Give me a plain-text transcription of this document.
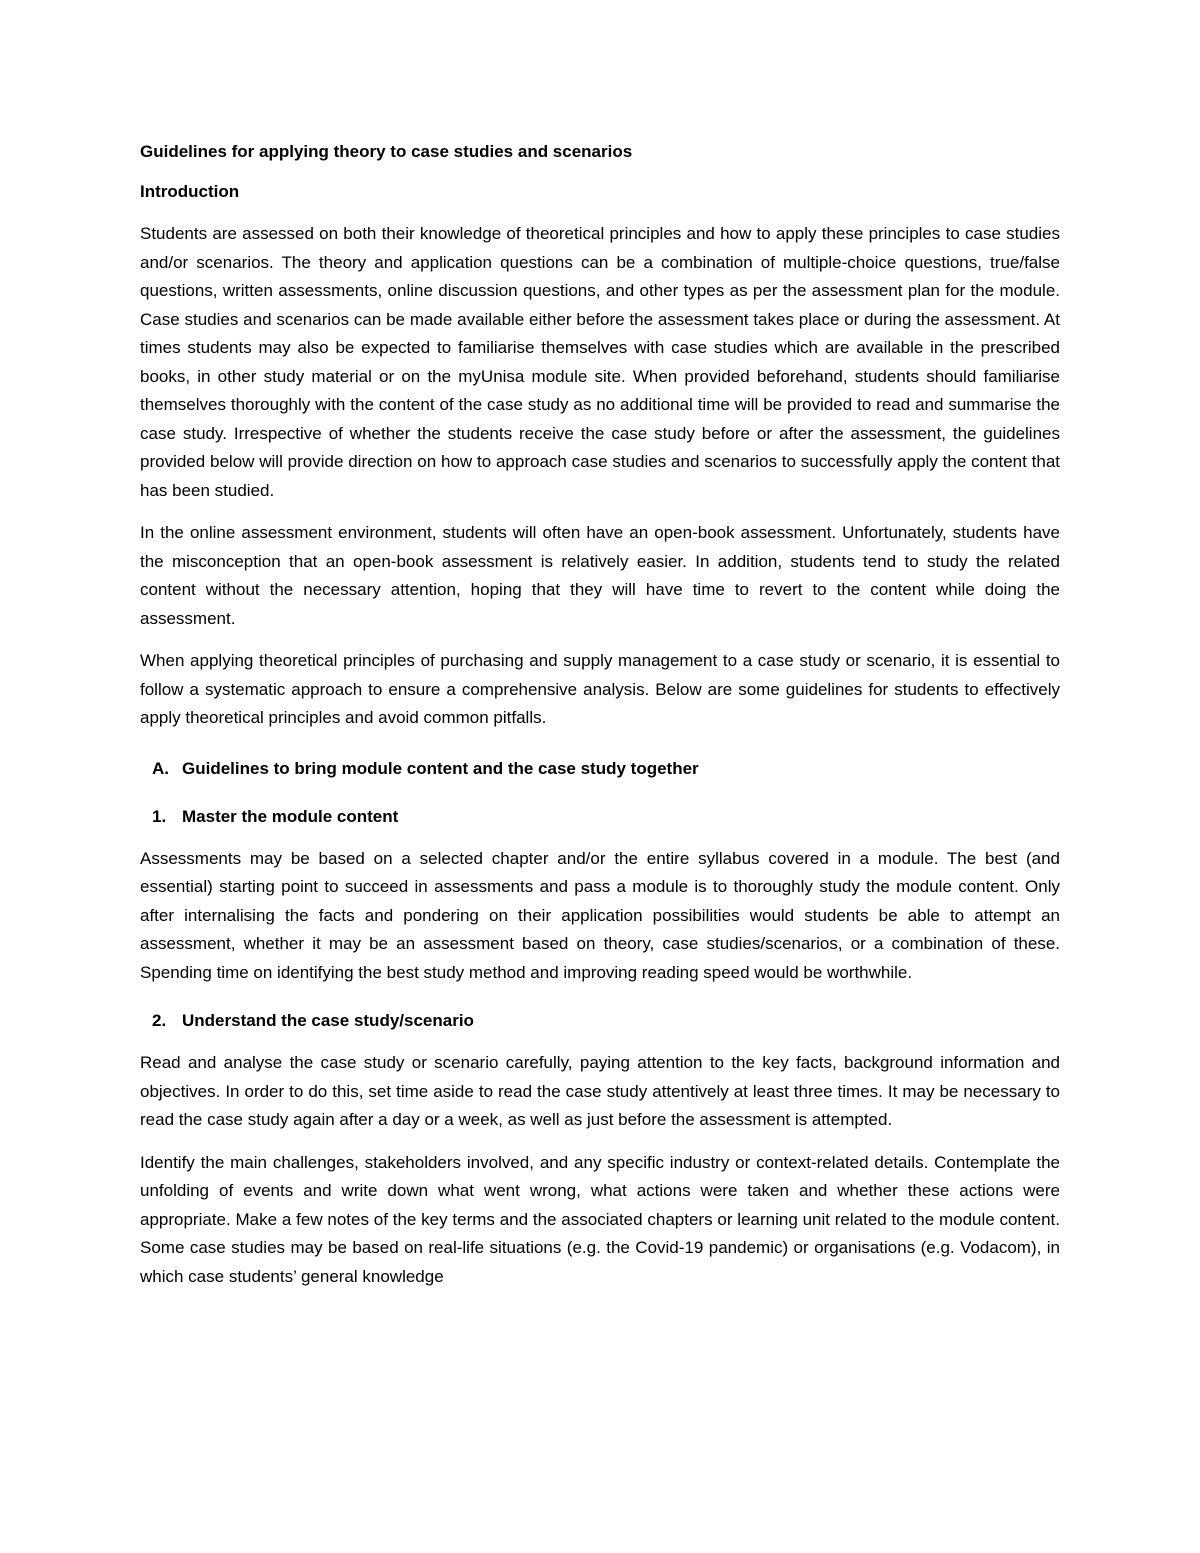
Guidelines for applying theory to case studies and scenarios
Introduction

Students are assessed on both their knowledge of theoretical principles and how to apply these principles to case studies and/or scenarios. The theory and application questions can be a combination of multiple-choice questions, true/false questions, written assessments, online discussion questions, and other types as per the assessment plan for the module. Case studies and scenarios can be made available either before the assessment takes place or during the assessment. At times students may also be expected to familiarise themselves with case studies which are available in the prescribed books, in other study material or on the myUnisa module site. When provided beforehand, students should familiarise themselves thoroughly with the content of the case study as no additional time will be provided to read and summarise the case study. Irrespective of whether the students receive the case study before or after the assessment, the guidelines provided below will provide direction on how to approach case studies and scenarios to successfully apply the content that has been studied.

In the online assessment environment, students will often have an open-book assessment. Unfortunately, students have the misconception that an open-book assessment is relatively easier. In addition, students tend to study the related content without the necessary attention, hoping that they will have time to revert to the content while doing the assessment.

When applying theoretical principles of purchasing and supply management to a case study or scenario, it is essential to follow a systematic approach to ensure a comprehensive analysis. Below are some guidelines for students to effectively apply theoretical principles and avoid common pitfalls.

A. Guidelines to bring module content and the case study together
1. Master the module content

Assessments may be based on a selected chapter and/or the entire syllabus covered in a module. The best (and essential) starting point to succeed in assessments and pass a module is to thoroughly study the module content. Only after internalising the facts and pondering on their application possibilities would students be able to attempt an assessment, whether it may be an assessment based on theory, case studies/scenarios, or a combination of these. Spending time on identifying the best study method and improving reading speed would be worthwhile.

2. Understand the case study/scenario

Read and analyse the case study or scenario carefully, paying attention to the key facts, background information and objectives. In order to do this, set time aside to read the case study attentively at least three times. It may be necessary to read the case study again after a day or a week, as well as just before the assessment is attempted.

Identify the main challenges, stakeholders involved, and any specific industry or context-related details. Contemplate the unfolding of events and write down what went wrong, what actions were taken and whether these actions were appropriate. Make a few notes of the key terms and the associated chapters or learning unit related to the module content. Some case studies may be based on real-life situations (e.g. the Covid-19 pandemic) or organisations (e.g. Vodacom), in which case students’ general knowledge
